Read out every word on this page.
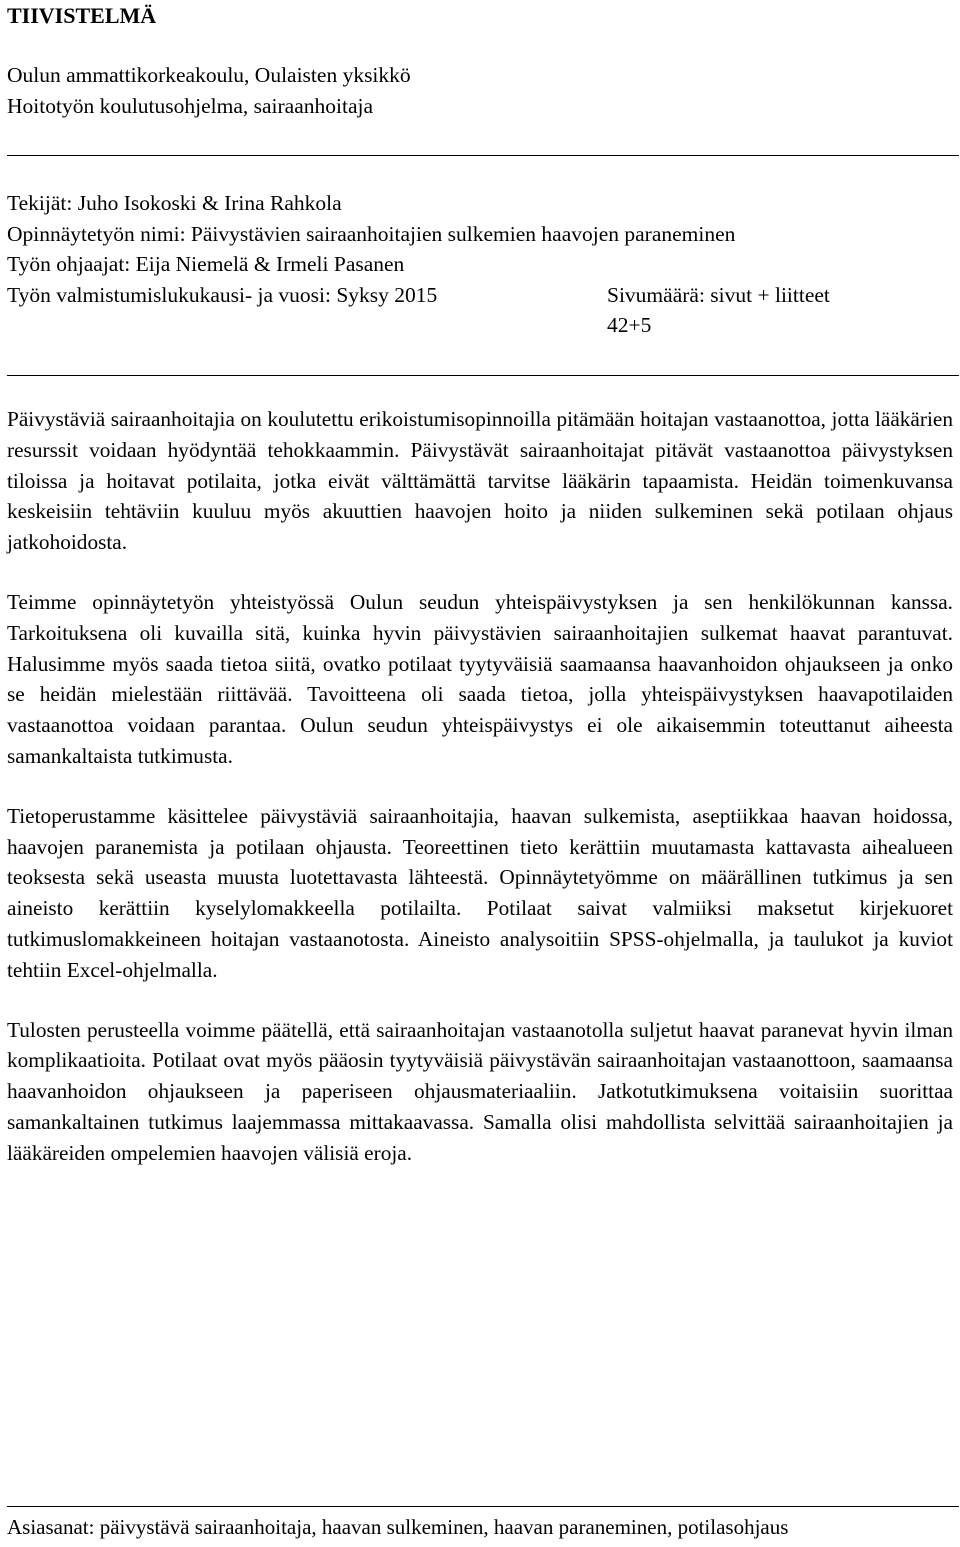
TIIVISTELMÄ
Oulun ammattikorkeakoulu, Oulaisten yksikkö
Hoitotyön koulutusohjelma, sairaanhoitaja
Tekijät: Juho Isokoski & Irina Rahkola
Opinnäytetyön nimi: Päivystävien sairaanhoitajien sulkemien haavojen paraneminen
Työn ohjaajat: Eija Niemelä & Irmeli Pasanen
Työn valmistumislukukausi- ja vuosi: Syksy 2015	Sivumäärä: sivut + liitteet
42+5

Päivystäviä sairaanhoitajia on koulutettu erikoistumisopinnoilla pitämään hoitajan vastaanottoa, jotta lääkärien resurssit voidaan hyödyntää tehokkaammin. Päivystävät sairaanhoitajat pitävät vastaanottoa päivystyksen tiloissa ja hoitavat potilaita, jotka eivät välttämättä tarvitse lääkärin tapaamista. Heidän toimenkuvansa keskeisiin tehtäviin kuuluu myös akuuttien haavojen hoito ja niiden sulkeminen sekä potilaan ohjaus jatkohoidosta.

Teimme opinnäytetyön yhteistyössä Oulun seudun yhteispäivystyksen ja sen henkilökunnan kanssa. Tarkoituksena oli kuvailla sitä, kuinka hyvin päivystävien sairaanhoitajien sulkemat haavat parantuvat. Halusimme myös saada tietoa siitä, ovatko potilaat tyytyväisiä saamaansa haavanhoidon ohjaukseen ja onko se heidän mielestään riittävää. Tavoitteena oli saada tietoa, jolla yhteispäivystyksen haavapotilaiden vastaanottoa voidaan parantaa. Oulun seudun yhteispäivystys ei ole aikaisemmin toteuttanut aiheesta samankaltaista tutkimusta.

Tietoperustamme käsittelee päivystäviä sairaanhoitajia, haavan sulkemista, aseptiikkaa haavan hoidossa, haavojen paranemista ja potilaan ohjausta. Teoreettinen tieto kerättiin muutamasta kattavasta aihealueen teoksesta sekä useasta muusta luotettavasta lähteestä. Opinnäytetyömme on määrällinen tutkimus ja sen aineisto kerättiin kyselylomakkeella potilailta. Potilaat saivat valmiiksi maksetut kirjekuoret tutkimuslomakkeineen hoitajan vastaanotosta. Aineisto analysoitiin SPSS-ohjelmalla, ja taulukot ja kuviot tehtiin Excel-ohjelmalla.

Tulosten perusteella voimme päätellä, että sairaanhoitajan vastaanotolla suljetut haavat paranevat hyvin ilman komplikaatioita. Potilaat ovat myös pääosin tyytyväisiä päivystävän sairaanhoitajan vastaanottoon, saamaansa haavanhoidon ohjaukseen ja paperiseen ohjausmateriaaliin. Jatkotutkimuksena voitaisiin suorittaa samankaltainen tutkimus laajemmassa mittakaavassa. Samalla olisi mahdollista selvittää sairaanhoitajien ja lääkäreiden ompelemien haavojen välisiä eroja.

Asiasanat: päivystävä sairaanhoitaja, haavan sulkeminen, haavan paraneminen, potilasohjaus
